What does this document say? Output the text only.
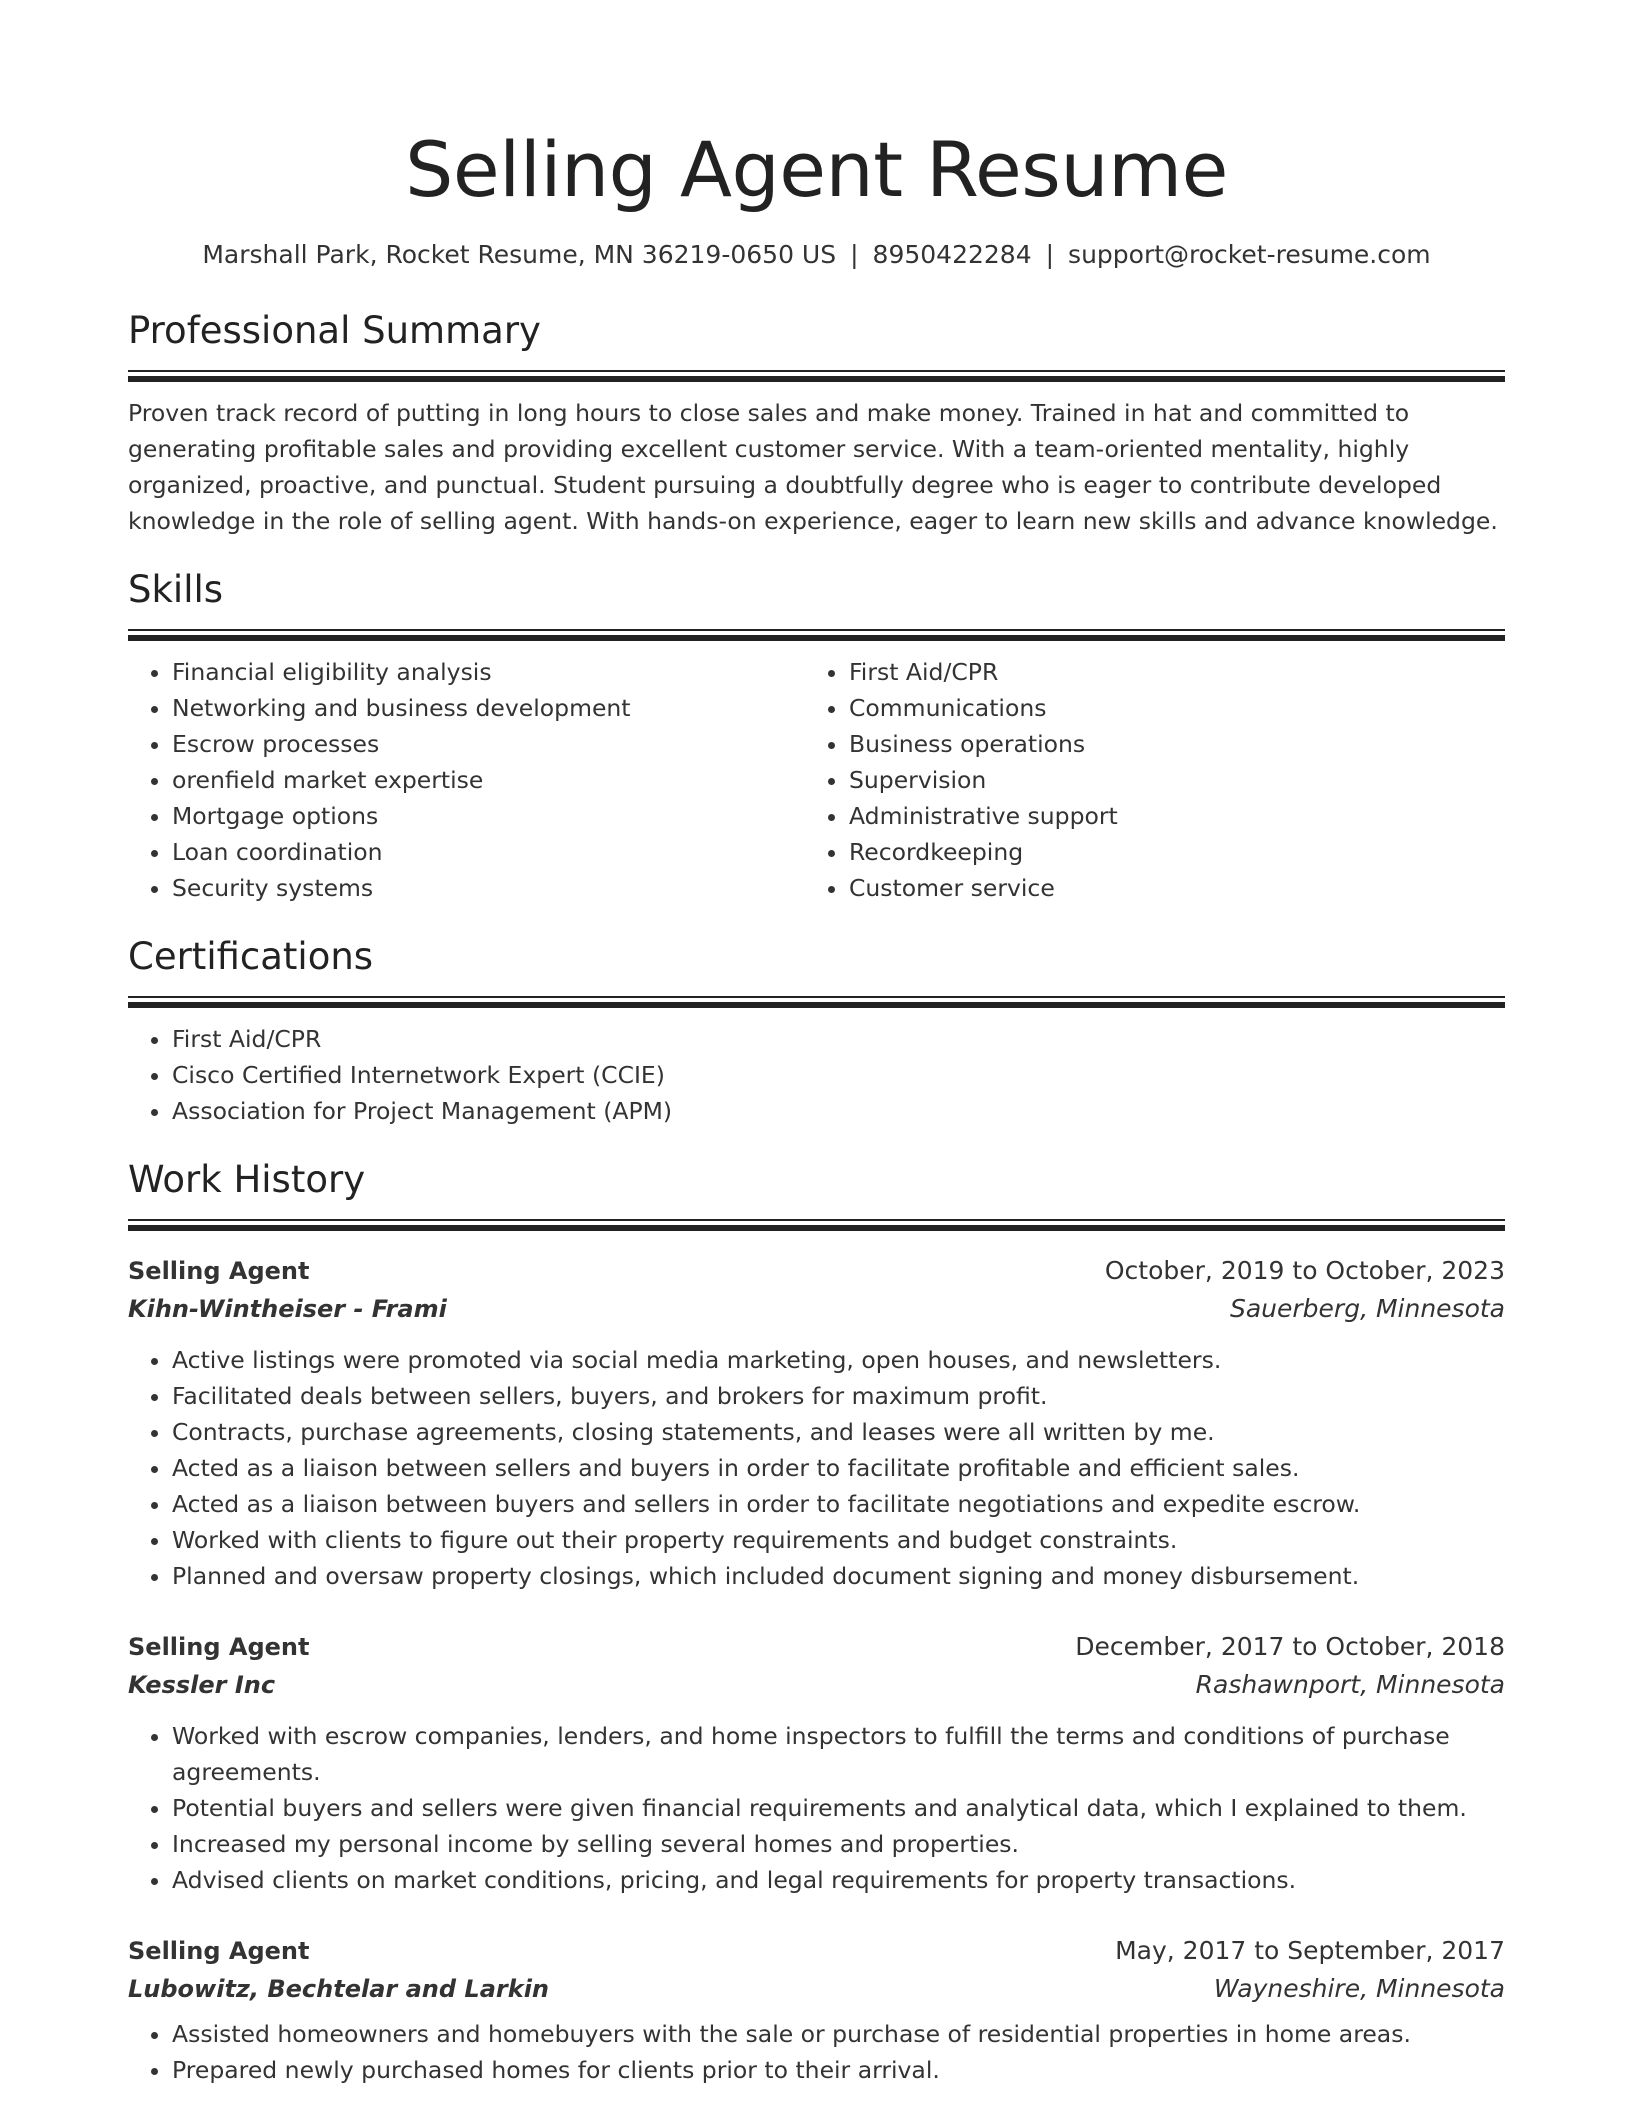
Selling Agent Resume
Marshall Park, Rocket Resume, MN 36219-0650 US | 8950422284 | support@rocket-resume.com
Professional Summary

Proven track record of putting in long hours to close sales and make money. Trained in hat and committed to generating profitable sales and providing excellent customer service. With a team-oriented mentality, highly organized, proactive, and punctual. Student pursuing a doubtfully degree who is eager to contribute developed knowledge in the role of selling agent. With hands-on experience, eager to learn new skills and advance knowledge.

Skills
• Financial eligibility analysis
• Networking and business development
• Escrow processes
• orenfield market expertise
• Mortgage options
• Loan coordination
• Security systems
• First Aid/CPR
• Communications
• Business operations
• Supervision
• Administrative support
• Recordkeeping
• Customer service
Certifications
• First Aid/CPR
• Cisco Certified Internetwork Expert (CCIE)
• Association for Project Management (APM)
Work History
Selling Agent	October, 2019 to October, 2023
Kihn-Wintheiser - Frami	Sauerberg, Minnesota
• Active listings were promoted via social media marketing, open houses, and newsletters.
• Facilitated deals between sellers, buyers, and brokers for maximum profit.
• Contracts, purchase agreements, closing statements, and leases were all written by me.
• Acted as a liaison between sellers and buyers in order to facilitate profitable and efficient sales.
• Acted as a liaison between buyers and sellers in order to facilitate negotiations and expedite escrow.
• Worked with clients to figure out their property requirements and budget constraints.
• Planned and oversaw property closings, which included document signing and money disbursement.
Selling Agent	December, 2017 to October, 2018
Kessler Inc	Rashawnport, Minnesota
• Worked with escrow companies, lenders, and home inspectors to fulfill the terms and conditions of purchase agreements.
• Potential buyers and sellers were given financial requirements and analytical data, which I explained to them.
• Increased my personal income by selling several homes and properties.
• Advised clients on market conditions, pricing, and legal requirements for property transactions.
Selling Agent	May, 2017 to September, 2017
Lubowitz, Bechtelar and Larkin	Wayneshire, Minnesota
• Assisted homeowners and homebuyers with the sale or purchase of residential properties in home areas.
• Prepared newly purchased homes for clients prior to their arrival.
